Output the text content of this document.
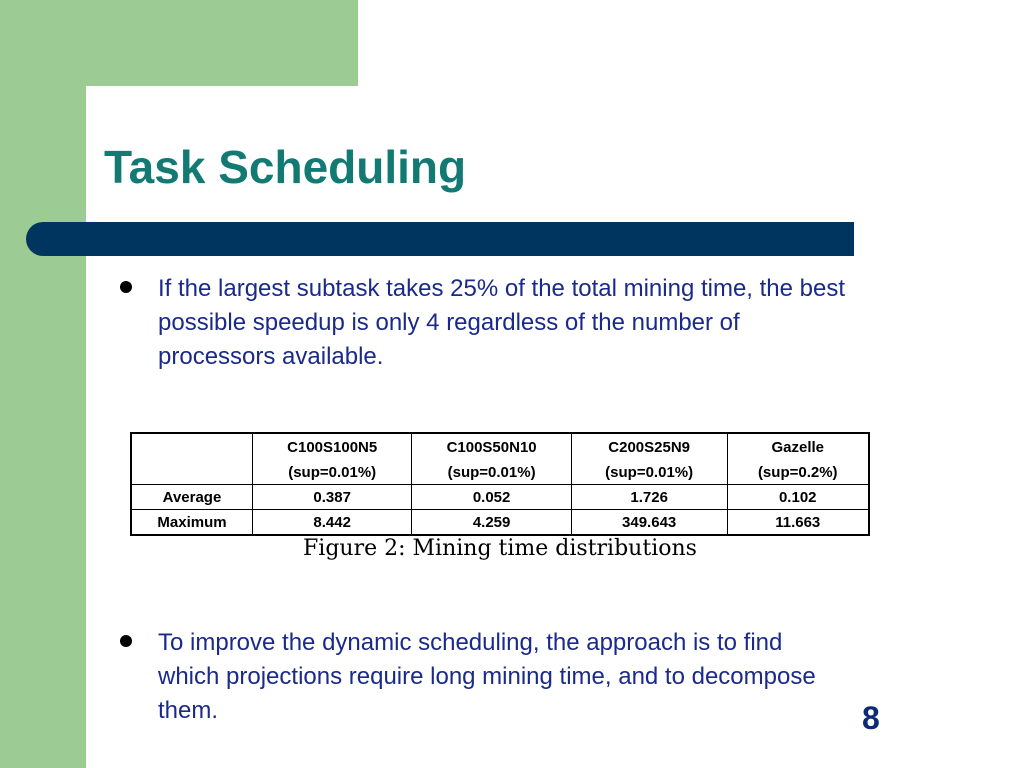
Task Scheduling
If the largest subtask takes 25% of the total mining time, the best possible speedup is only 4 regardless of the number of processors available.
	C100S100N5	C100S50N10	C200S25N9	Gazelle
	(sup=0.01%)	(sup=0.01%)	(sup=0.01%)	(sup=0.2%)
Average	0.387	0.052	1.726	0.102
Maximum	8.442	4.259	349.643	11.663
Figure 2: Mining time distributions
To improve the dynamic scheduling, the approach is to find which projections require long mining time, and to decompose them.	8
